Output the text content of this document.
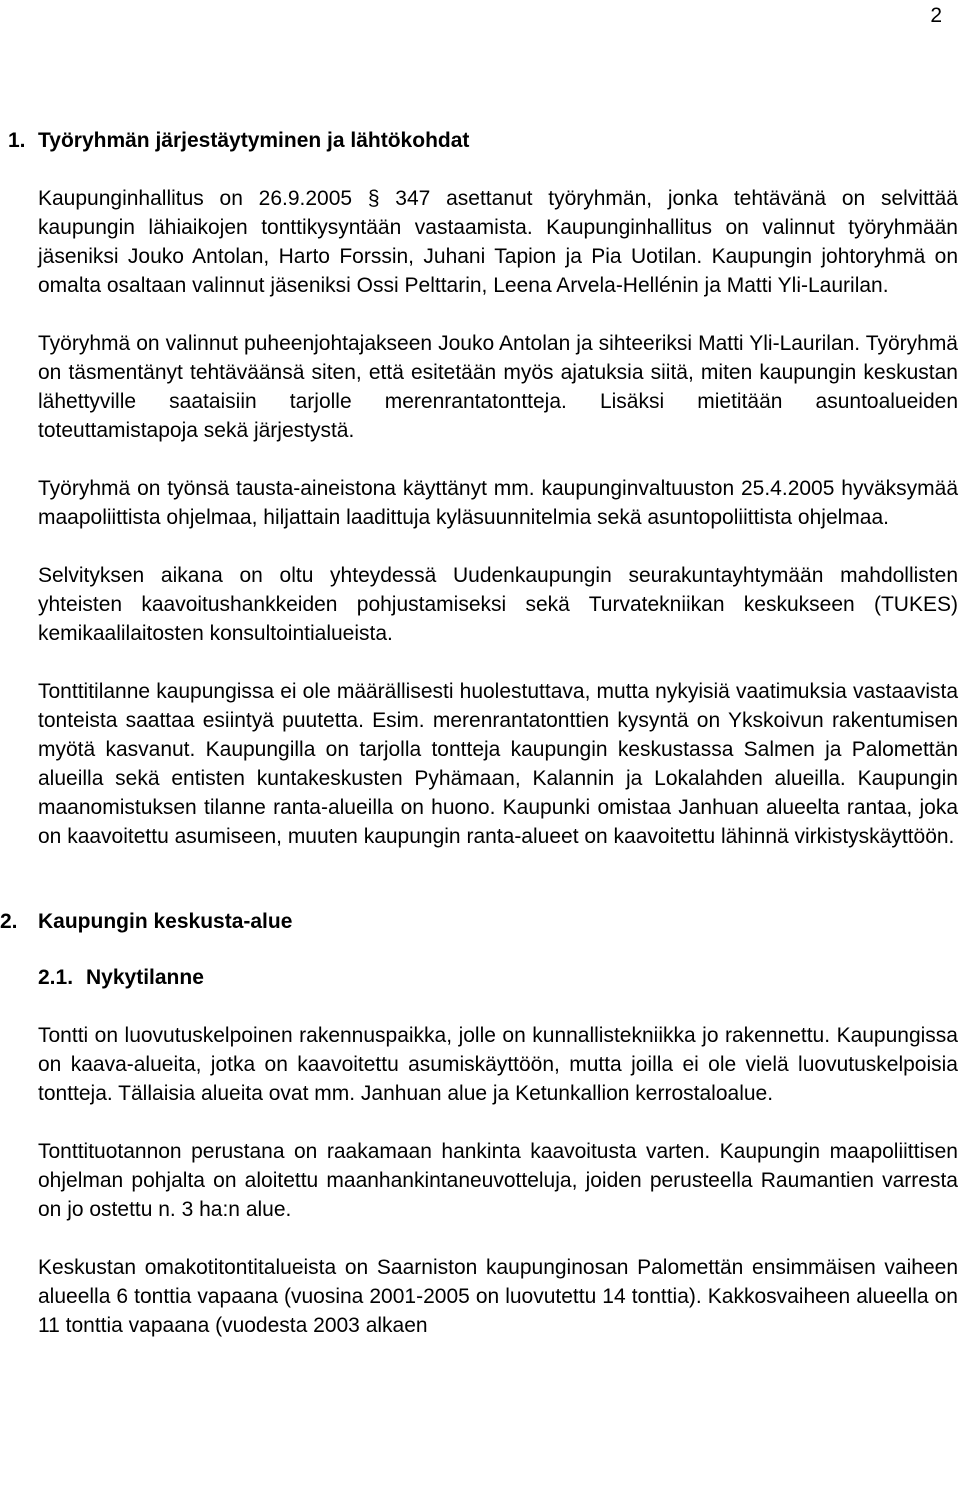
2
1. Työryhmän järjestäytyminen ja lähtökohdat

Kaupunginhallitus on 26.9.2005 § 347 asettanut työryhmän, jonka tehtävänä on selvittää kaupungin lähiaikojen tonttikysyntään vastaamista. Kaupunginhallitus on valinnut työryhmään jäseniksi Jouko Antolan, Harto Forssin, Juhani Tapion ja Pia Uotilan. Kaupungin johtoryhmä on omalta osaltaan valinnut jäseniksi Ossi Pelttarin, Leena Arvela-Hellénin ja Matti Yli-Laurilan.

Työryhmä on valinnut puheenjohtajakseen Jouko Antolan ja sihteeriksi Matti Yli-Laurilan. Työryhmä on täsmentänyt tehtäväänsä siten, että esitetään myös ajatuksia siitä, miten kaupungin keskustan lähettyville saataisiin tarjolle merenrantatontteja. Lisäksi mietitään asuntoalueiden toteuttamistapoja sekä järjestystä.

Työryhmä on työnsä tausta-aineistona käyttänyt mm. kaupunginvaltuuston 25.4.2005 hyväksymää maapoliittista ohjelmaa, hiljattain laadittuja kyläsuunnitelmia sekä asuntopoliittista ohjelmaa.

Selvityksen aikana on oltu yhteydessä Uudenkaupungin seurakuntayhtymään mahdollisten yhteisten kaavoitushankkeiden pohjustamiseksi sekä Turvatekniikan keskukseen (TUKES) kemikaalilaitosten konsultointialueista.

Tonttitilanne kaupungissa ei ole määrällisesti huolestuttava, mutta nykyisiä vaatimuksia vastaavista tonteista saattaa esiintyä puutetta. Esim. merenrantatonttien kysyntä on Ykskoivun rakentumisen myötä kasvanut. Kaupungilla on tarjolla tontteja kaupungin keskustassa Salmen ja Palomettän alueilla sekä entisten kuntakeskusten Pyhämaan, Kalannin ja Lokalahden alueilla. Kaupungin maanomistuksen tilanne ranta-alueilla on huono. Kaupunki omistaa Janhuan alueelta rantaa, joka on kaavoitettu asumiseen, muuten kaupungin ranta-alueet on kaavoitettu lähinnä virkistyskäyttöön.

2. Kaupungin keskusta-alue
2.1. Nykytilanne

Tontti on luovutuskelpoinen rakennuspaikka, jolle on kunnallistekniikka jo rakennettu. Kaupungissa on kaava-alueita, jotka on kaavoitettu asumiskäyttöön, mutta joilla ei ole vielä luovutuskelpoisia tontteja. Tällaisia alueita ovat mm. Janhuan alue ja Ketunkallion kerrostaloalue.

Tonttituotannon perustana on raakamaan hankinta kaavoitusta varten. Kaupungin maapoliittisen ohjelman pohjalta on aloitettu maanhankintaneuvotteluja, joiden perusteella Raumantien varresta on jo ostettu n. 3 ha:n alue.

Keskustan omakotitontitalueista on Saarniston kaupunginosan Palomettän ensimmäisen vaiheen alueella 6 tonttia vapaana (vuosina 2001-2005 on luovutettu 14 tonttia). Kakkosvaiheen alueella on 11 tonttia vapaana (vuodesta 2003 alkaen
